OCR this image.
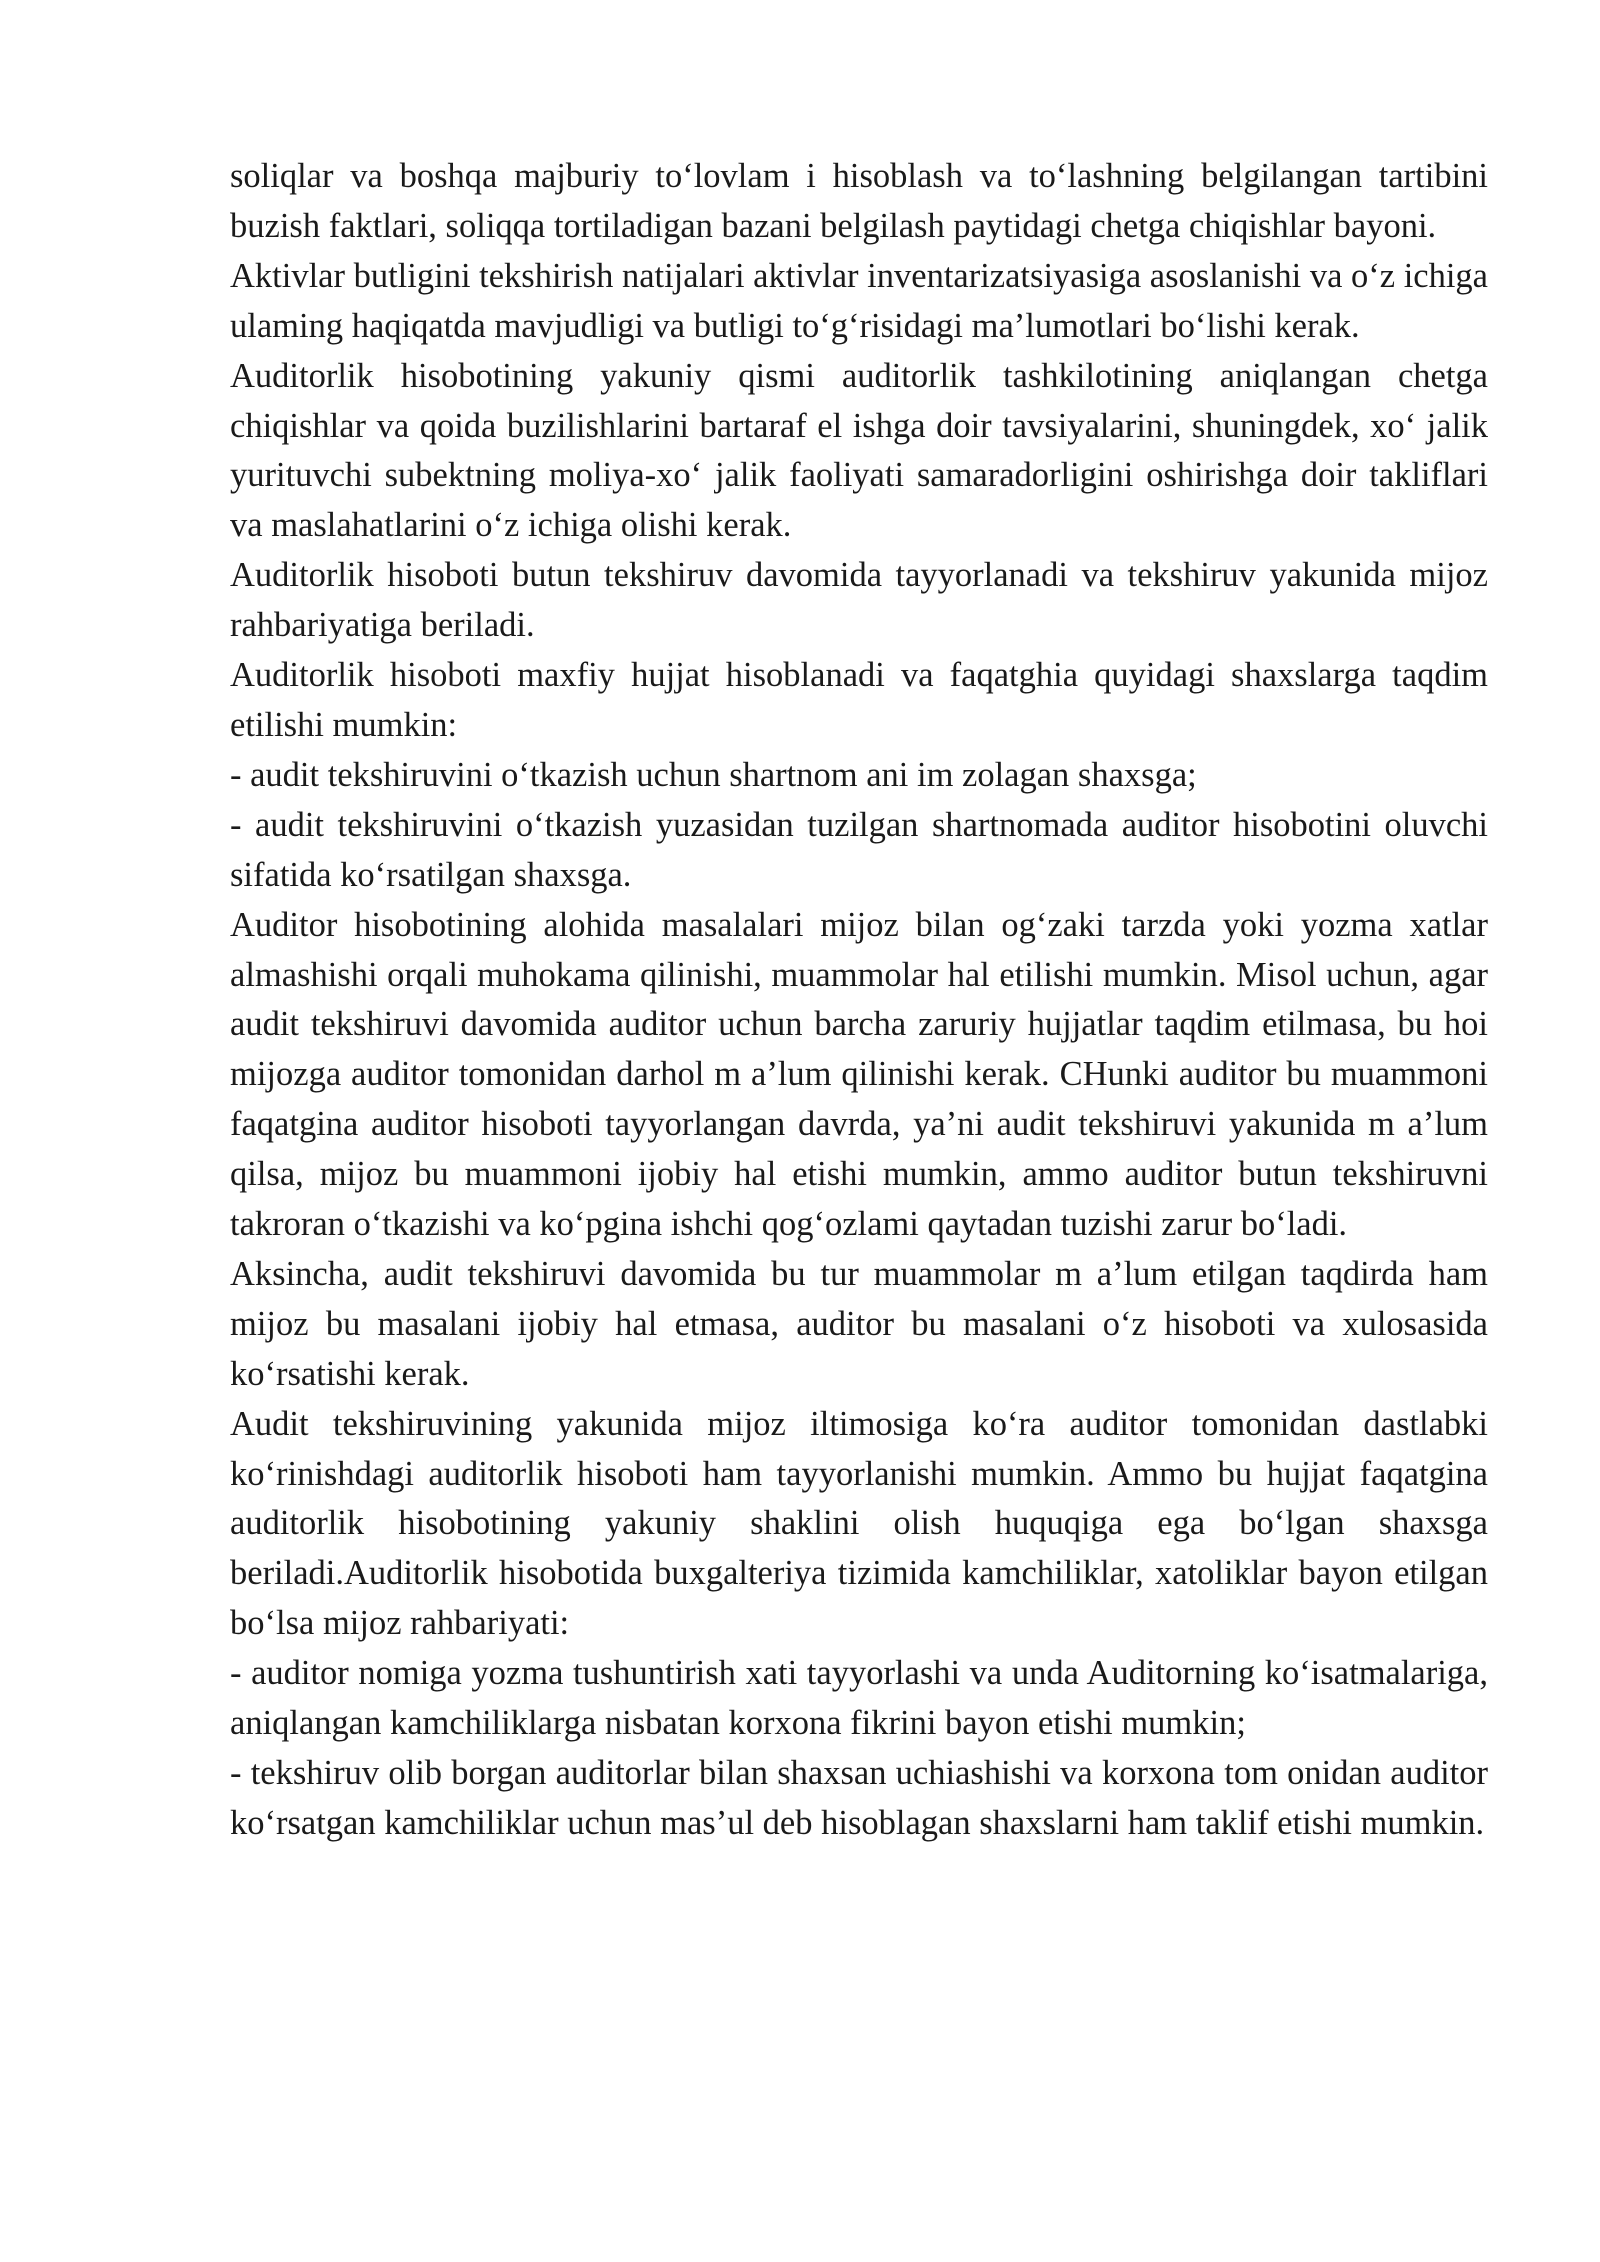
soliqlar va boshqa majburiy to‘lovlam i hisoblash va to‘lashning belgilangan tartibini buzish faktlari, soliqqa tortiladigan bazani belgilash paytidagi chetga chiqishlar bayoni.

Aktivlar butligini tekshirish natijalari aktivlar inventarizatsiyasiga asoslanishi va o‘z ichiga ulaming haqiqatda mavjudligi va butligi to‘g‘risidagi ma’lumotlari bo‘lishi kerak.

Auditorlik hisobotining yakuniy qismi auditorlik tashkilotining aniqlangan chetga chiqishlar va qoida buzilishlarini bartaraf el ishga doir tavsiyalarini, shuningdek, xo‘ jalik yurituvchi subektning moliya-xo‘ jalik faoliyati samaradorligini oshirishga doir takliflari va maslahatlarini o‘z ichiga olishi kerak.

Auditorlik hisoboti butun tekshiruv davomida tayyorlanadi va tekshiruv yakunida mijoz rahbariyatiga beriladi.

Auditorlik hisoboti maxfiy hujjat hisoblanadi va faqatghia quyidagi shaxslarga taqdim etilishi mumkin:

- audit tekshiruvini o‘tkazish uchun shartnom ani im zolagan shaxsga;

- audit tekshiruvini o‘tkazish yuzasidan tuzilgan shartnomada auditor hisobotini oluvchi sifatida ko‘rsatilgan shaxsga.

Auditor hisobotining alohida masalalari mijoz bilan og‘zaki tarzda yoki yozma xatlar almashishi orqali muhokama qilinishi, muammolar hal etilishi mumkin. Misol uchun, agar audit tekshiruvi davomida auditor uchun barcha zaruriy hujjatlar taqdim etilmasa, bu hoi mijozga auditor tomonidan darhol m a’lum qilinishi kerak. CHunki auditor bu muammoni faqatgina auditor hisoboti tayyorlangan davrda, ya’ni audit tekshiruvi yakunida m a’lum qilsa, mijoz bu muammoni ijobiy hal etishi mumkin, ammo auditor butun tekshiruvni takroran o‘tkazishi va ko‘pgina ishchi qog‘ozlami qaytadan tuzishi zarur bo‘ladi.

Aksincha, audit tekshiruvi davomida bu tur muammolar m a’lum etilgan taqdirda ham mijoz bu masalani ijobiy hal etmasa, auditor bu masalani o‘z hisoboti va xulosasida ko‘rsatishi kerak.

Audit tekshiruvining yakunida mijoz iltimosiga ko‘ra auditor tomonidan dastlabki ko‘rinishdagi auditorlik hisoboti ham tayyorlanishi mumkin. Ammo bu hujjat faqatgina auditorlik hisobotining yakuniy shaklini olish huquqiga ega bo‘lgan shaxsga beriladi.Auditorlik hisobotida buxgalteriya tizimida kamchiliklar, xatoliklar bayon etilgan bo‘lsa mijoz rahbariyati:

- auditor nomiga yozma tushuntirish xati tayyorlashi va unda Auditorning ko‘isatmalariga, aniqlangan kamchiliklarga nisbatan korxona fikrini bayon etishi mumkin;

- tekshiruv olib borgan auditorlar bilan shaxsan uchiashishi va korxona tom onidan auditor ko‘rsatgan kamchiliklar uchun mas’ul deb hisoblagan shaxslarni ham taklif etishi mumkin.
